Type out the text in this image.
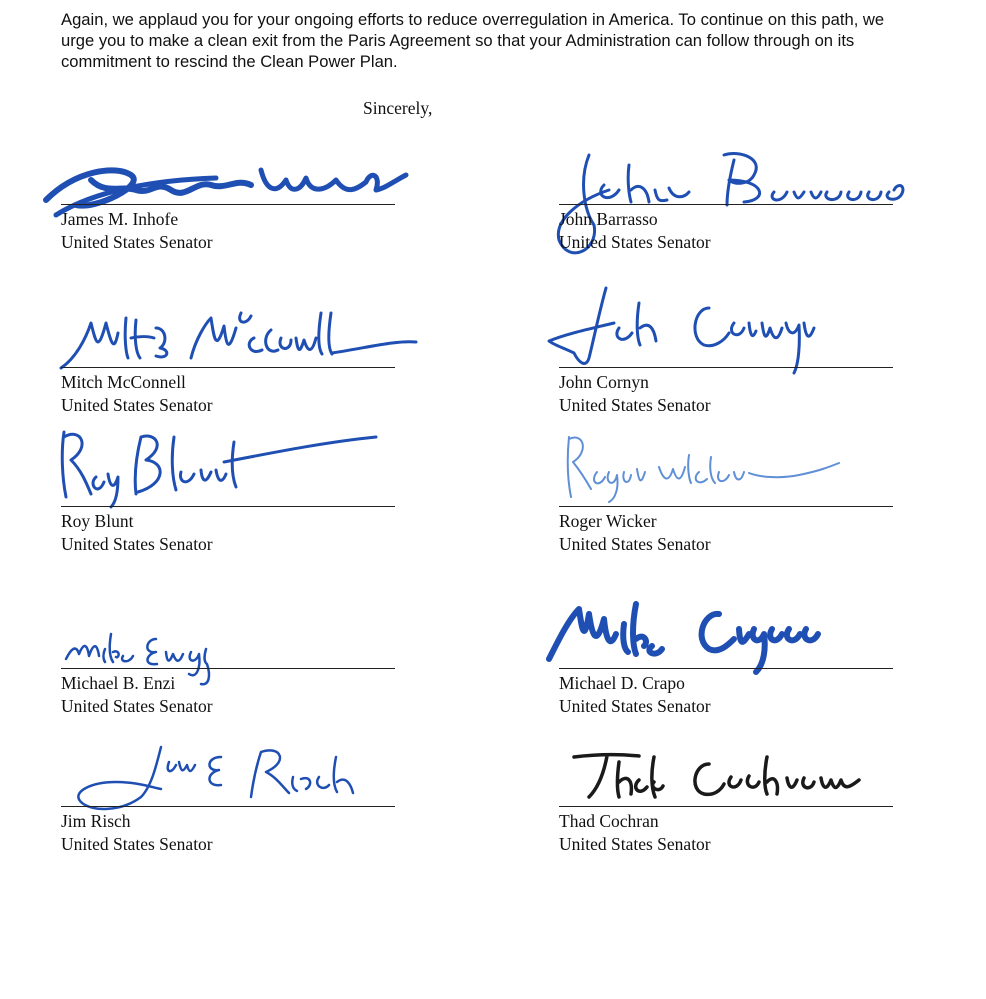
Again, we applaud you for your ongoing efforts to reduce overregulation in America. To continue on this path, we urge you to make a clean exit from the Paris Agreement so that your Administration can follow through on its commitment to rescind the Clean Power Plan.

Sincerely,
James M. Inhofe
United States Senator
John Barrasso
United States Senator
Mitch McConnell
United States Senator
John Cornyn
United States Senator
Roy Blunt
United States Senator
Roger Wicker
United States Senator
Michael B. Enzi
United States Senator
Michael D. Crapo
United States Senator
Jim Risch
United States Senator
Thad Cochran
United States Senator
